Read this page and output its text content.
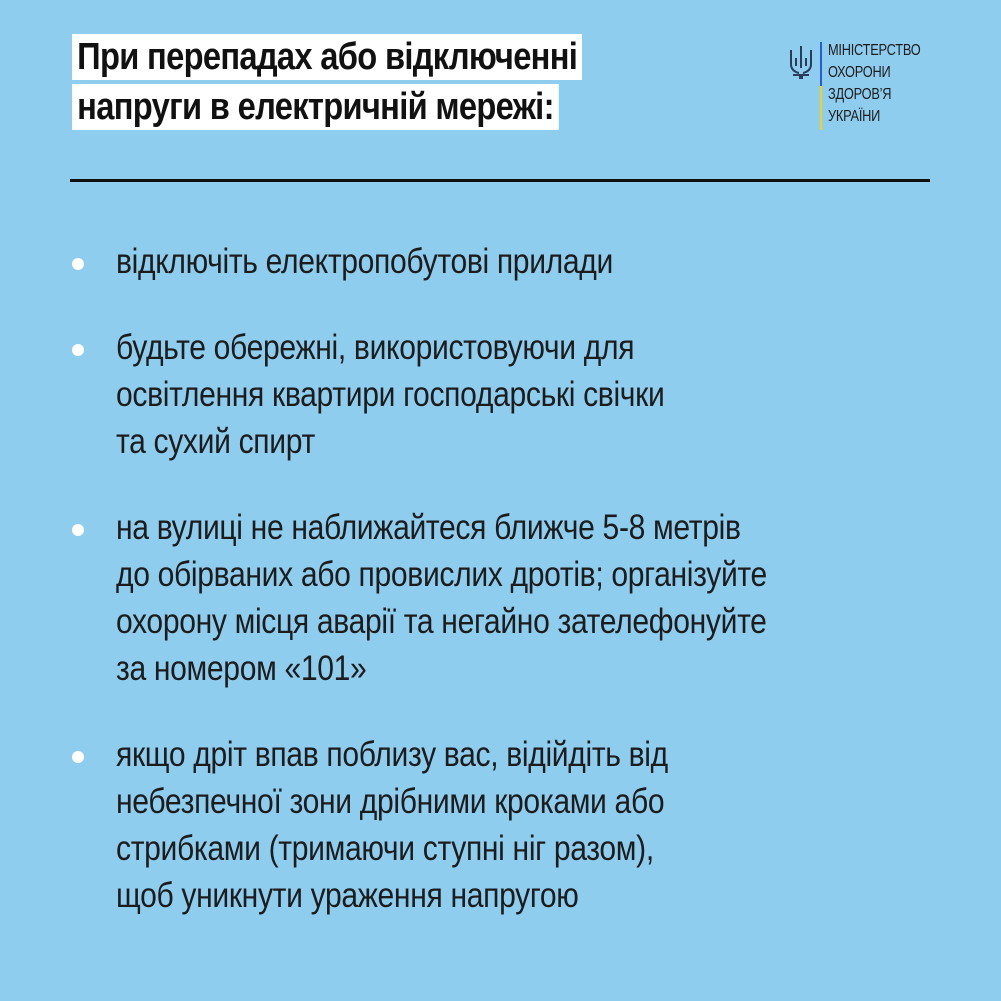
При перепадах або відключенні
напруги в електричній мережі:
МІНІСТЕРСТВО
ОХОРОНИ
ЗДОРОВ’Я
УКРАЇНИ
відключіть електропобутові прилади
будьте обережні, використовуючи для
освітлення квартири господарські свічки
та сухий спирт
на вулиці не наближайтеся ближче 5-8 метрів
до обірваних або провислих дротів; організуйте
охорону місця аварії та негайно зателефонуйте
за номером «101»
якщо дріт впав поблизу вас, відійдіть від
небезпечної зони дрібними кроками або
стрибками (тримаючи ступні ніг разом),
щоб уникнути ураження напругою
